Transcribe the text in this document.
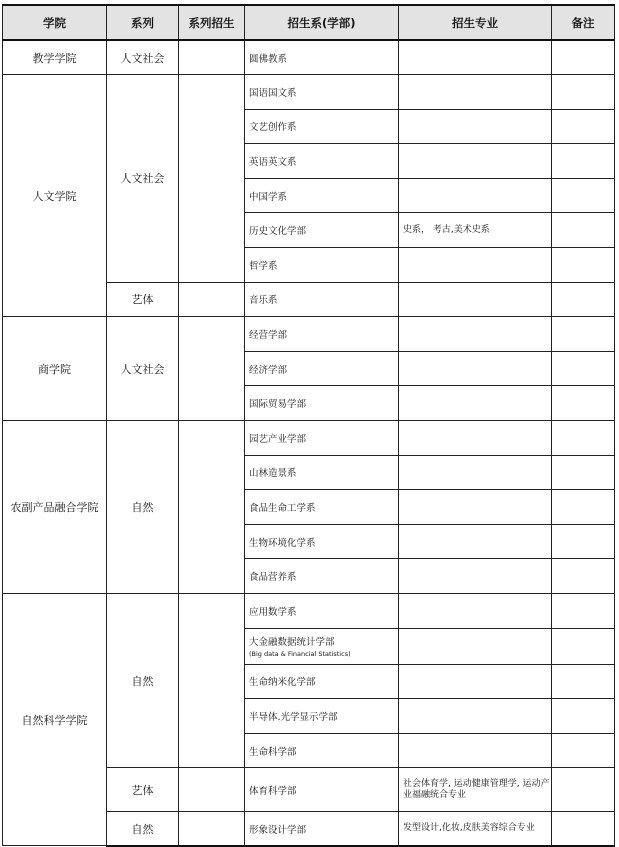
学院	系列	系列招生	招生系(学部)	招生专业	备注
教学学院	人文社会		圆佛教系		
人文学院	人文社会		国语国文系		
			文艺创作系		
			英语英文系		
			中国学系		
			历史文化学部	史系， 考古,美术史系	
			哲学系		
	艺体		音乐系		
商学院	人文社会		经营学部		
			经济学部		
			国际贸易学部		
农副产品融合学院	自然		园艺产业学部		
			山林造景系		
			食品生命工学系		
			生物环境化学系		
			食品营养系		
自然科学学院	自然		应用数学系		
			大金融数据统计学部
(Big data & Financial Statistics)		

			生命纳米化学部		
			半导体.光学显示学部		
			生命科学部		
	艺体		体育科学部	社会体育学, 运动健康管理学, 运动产业福融统合专业	
	自然		形象设计学部	发型设计,化妆,皮肤美容综合专业	
